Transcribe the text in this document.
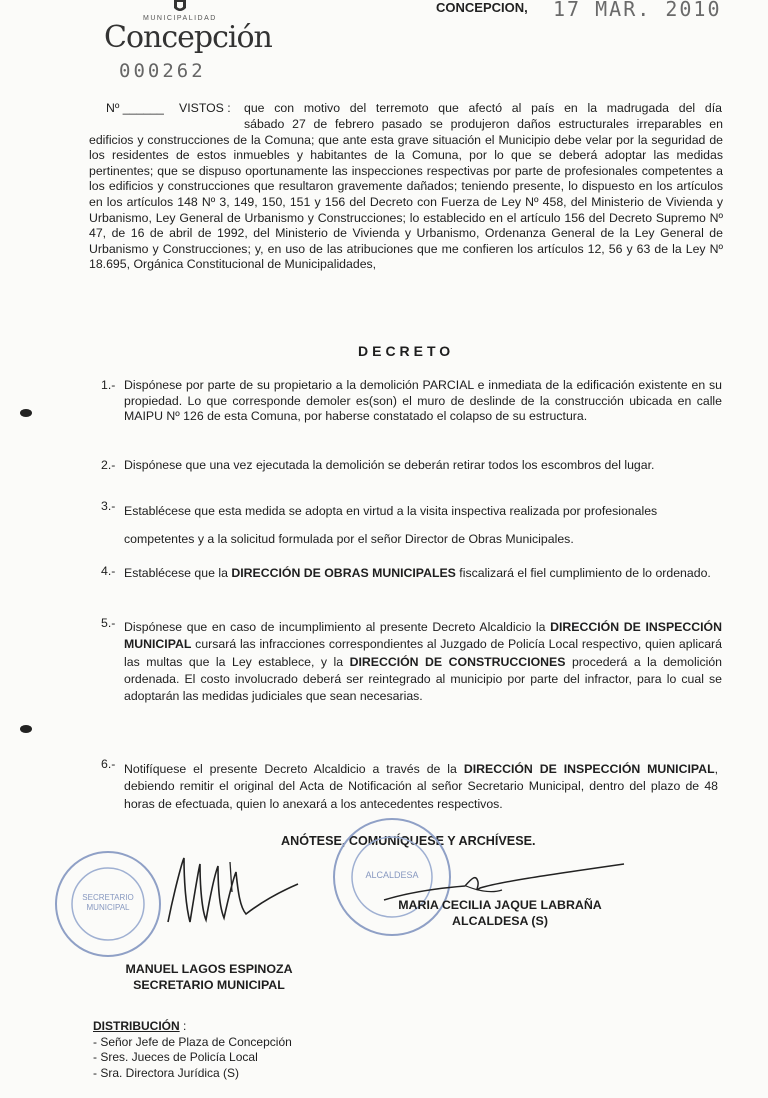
MUNICIPALIDAD
Concepción
000262
CONCEPCION, 17 MAR. 2010
Nº ______	VISTOS : que con motivo del terremoto que afectó al país en la madrugada del día
sábado 27 de febrero pasado se produjeron daños estructurales irreparables en edificios y construcciones de la Comuna; que ante esta grave situación el Municipio debe velar por la seguridad de los residentes de estos inmuebles y habitantes de la Comuna, por lo que se deberá adoptar las medidas pertinentes; que se dispuso oportunamente las inspecciones respectivas por parte de profesionales competentes a los edificios y construcciones que resultaron gravemente dañados; teniendo presente, lo dispuesto en los artículos en los artículos 148 Nº 3, 149, 150, 151 y 156 del Decreto con Fuerza de Ley Nº 458, del Ministerio de Vivienda y Urbanismo, Ley General de Urbanismo y Construcciones; lo establecido en el artículo 156 del Decreto Supremo Nº 47, de 16 de abril de 1992, del Ministerio de Vivienda y Urbanismo, Ordenanza General de la Ley General de Urbanismo y Construcciones; y, en uso de las atribuciones que me confieren los artículos 12, 56 y 63 de la Ley Nº 18.695, Orgánica Constitucional de Municipalidades,
DECRETO
1.- Dispónese por parte de su propietario a la demolición PARCIAL e inmediata de la edificación existente en su propiedad. Lo que corresponde demoler es(son) el muro de deslinde de la construcción ubicada en calle MAIPU Nº 126 de esta Comuna, por haberse constatado el colapso de su estructura.
2.- Dispónese que una vez ejecutada la demolición se deberán retirar todos los escombros del lugar.
3.- Establécese que esta medida se adopta en virtud a la visita inspectiva realizada por profesionales
competentes y a la solicitud formulada por el señor Director de Obras Municipales.
4.- Establécese que la DIRECCIÓN DE OBRAS MUNICIPALES fiscalizará el fiel cumplimiento de lo ordenado.
5.- Dispónese que en caso de incumplimiento al presente Decreto Alcaldicio la DIRECCIÓN DE INSPECCIÓN MUNICIPAL cursará las infracciones correspondientes al Juzgado de Policía Local respectivo, quien aplicará las multas que la Ley establece, y la DIRECCIÓN DE CONSTRUCCIONES procederá a la demolición ordenada. El costo involucrado deberá ser reintegrado al municipio por parte del infractor, para lo cual se adoptarán las medidas judiciales que sean necesarias.
6.- Notifíquese el presente Decreto Alcaldicio a través de la DIRECCIÓN DE INSPECCIÓN MUNICIPAL, debiendo remitir el original del Acta de Notificación al señor Secretario Municipal, dentro del plazo de 48 horas de efectuada, quien lo anexará a los antecedentes respectivos.
ANÓTESE, COMUNÍQUESE Y ARCHÍVESE.
SECRETARIO MUNICIPAL
ALCALDESA
MARIA CECILIA JAQUE LABRAÑA
ALCALDESA (S)
MANUEL LAGOS ESPINOZA
SECRETARIO MUNICIPAL
DISTRIBUCIÓN :
- Señor Jefe de Plaza de Concepción
- Sres. Jueces de Policía Local
- Sra. Directora Jurídica (S)
